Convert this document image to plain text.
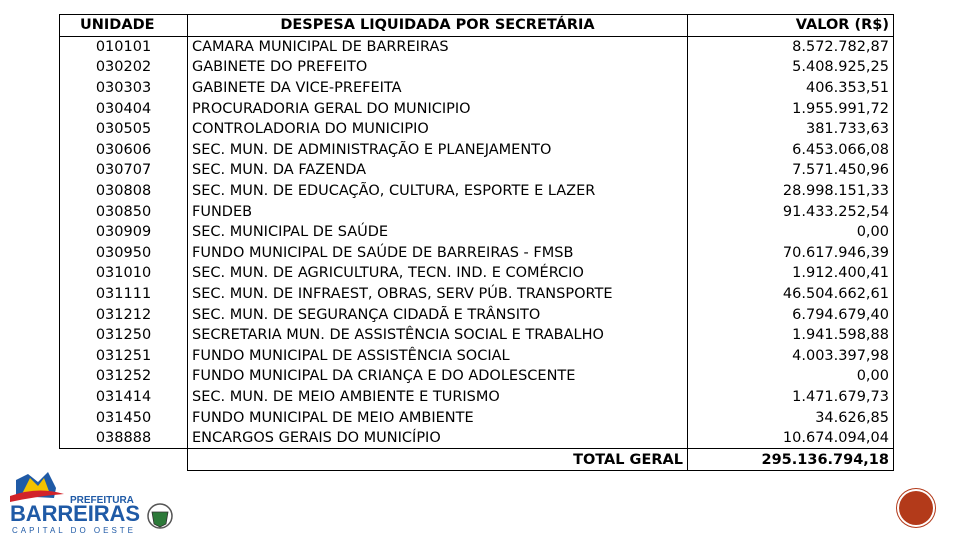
UNIDADE	DESPESA LIQUIDADA POR SECRETÁRIA	VALOR (R$)
010101	CAMARA MUNICIPAL DE BARREIRAS	8.572.782,87
030202	GABINETE DO PREFEITO	5.408.925,25
030303	GABINETE DA VICE-PREFEITA	406.353,51
030404	PROCURADORIA GERAL DO MUNICIPIO	1.955.991,72
030505	CONTROLADORIA DO MUNICIPIO	381.733,63
030606	SEC. MUN. DE ADMINISTRAÇÃO E PLANEJAMENTO	6.453.066,08
030707	SEC. MUN. DA FAZENDA	7.571.450,96
030808	SEC. MUN. DE EDUCAÇÃO, CULTURA, ESPORTE E LAZER	28.998.151,33
030850	FUNDEB	91.433.252,54
030909	SEC. MUNICIPAL DE SAÚDE	0,00
030950	FUNDO MUNICIPAL DE SAÚDE DE BARREIRAS - FMSB	70.617.946,39
031010	SEC. MUN. DE AGRICULTURA, TECN. IND. E COMÉRCIO	1.912.400,41
031111	SEC. MUN. DE INFRAEST, OBRAS, SERV PÚB. TRANSPORTE	46.504.662,61
031212	SEC. MUN. DE SEGURANÇA CIDADÃ E TRÂNSITO	6.794.679,40
031250	SECRETARIA MUN. DE ASSISTÊNCIA SOCIAL E TRABALHO	1.941.598,88
031251	FUNDO MUNICIPAL DE ASSISTÊNCIA SOCIAL	4.003.397,98
031252	FUNDO MUNICIPAL DA CRIANÇA E DO ADOLESCENTE	0,00
031414	SEC. MUN. DE MEIO AMBIENTE E TURISMO	1.471.679,73
031450	FUNDO MUNICIPAL DE MEIO AMBIENTE	34.626,85
038888	ENCARGOS GERAIS DO MUNICÍPIO	10.674.094,04
	TOTAL GERAL	295.136.794,18
PREFEITURA
BARREIRAS
CAPITAL DO OESTE
